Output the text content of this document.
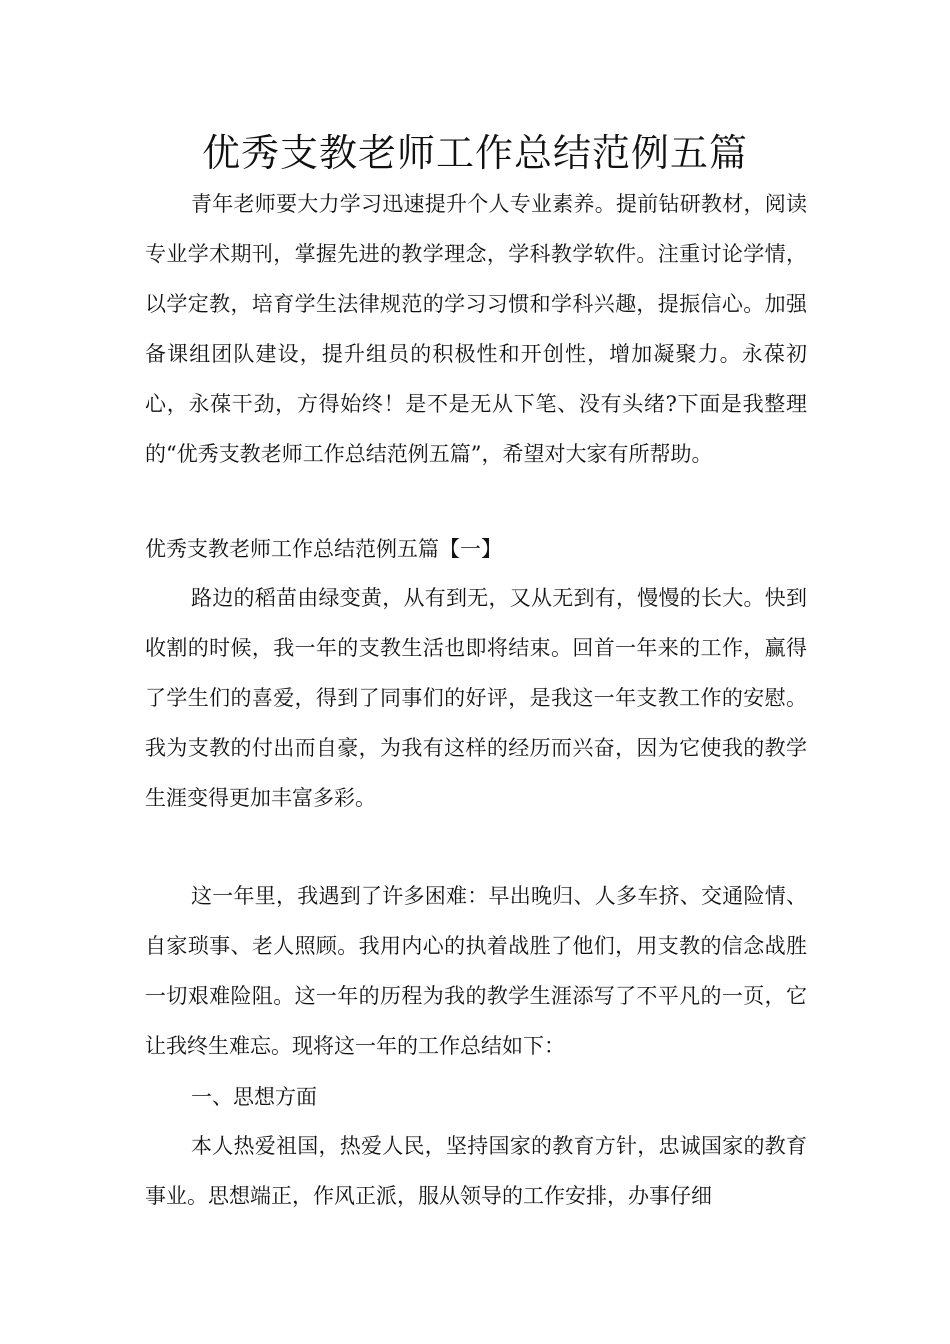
优秀支教老师工作总结范例五篇

青年老师要大力学习迅速提升个人专业素养。提前钻研教材，阅读专业学术期刊，掌握先进的教学理念，学科教学软件。注重讨论学情，以学定教，培育学生法律规范的学习习惯和学科兴趣，提振信心。加强备课组团队建设，提升组员的积极性和开创性，增加凝聚力。永葆初心，永葆干劲，方得始终！是不是无从下笔、没有头绪?下面是我整理的“优秀支教老师工作总结范例五篇”，希望对大家有所帮助。

优秀支教老师工作总结范例五篇【一】

路边的稻苗由绿变黄，从有到无，又从无到有，慢慢的长大。快到收割的时候，我一年的支教生活也即将结束。回首一年来的工作，赢得了学生们的喜爱，得到了同事们的好评，是我这一年支教工作的安慰。我为支教的付出而自豪，为我有这样的经历而兴奋，因为它使我的教学生涯变得更加丰富多彩。

这一年里，我遇到了许多困难：早出晚归、人多车挤、交通险情、自家琐事、老人照顾。我用内心的执着战胜了他们，用支教的信念战胜一切艰难险阻。这一年的历程为我的教学生涯添写了不平凡的一页，它让我终生难忘。现将这一年的工作总结如下：

一、思想方面

本人热爱祖国，热爱人民，坚持国家的教育方针，忠诚国家的教育事业。思想端正，作风正派，服从领导的工作安排，办事仔细
